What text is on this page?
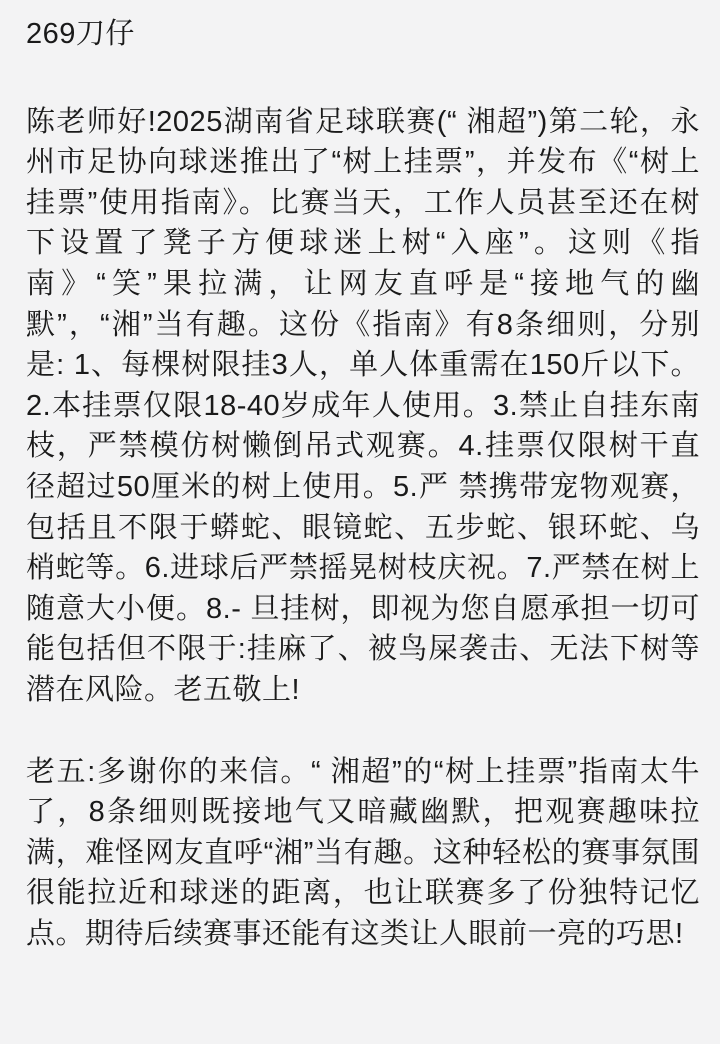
269刀仔

陈老师好!2025湖南省足球联赛(“ 湘超”)第二轮，永州市足协向球迷推出了“树上挂票”，并发布《“树上挂票”使用指南》。比赛当天，工作人员甚至还在树下设置了凳子方便球迷上树“入座”。这则《指南》“笑”果拉满，让网友直呼是“接地气的幽默”，“湘”当有趣。这份《指南》有8条细则，分别是: 1、每棵树限挂3人，单人体重需在150斤以下。2.本挂票仅限18-40岁成年人使用。3.禁止自挂东南枝，严禁模仿树懒倒吊式观赛。4.挂票仅限树干直径超过50厘米的树上使用。5.严 禁携带宠物观赛，包括且不限于蟒蛇、眼镜蛇、五步蛇、银环蛇、乌梢蛇等。6.进球后严禁摇晃树枝庆祝。7.严禁在树上随意大小便。8.- 旦挂树，即视为您自愿承担一切可能包括但不限于:挂麻了、被鸟屎袭击、无法下树等潜在风险。老五敬上!

老五:多谢你的来信。“ 湘超”的“树上挂票”指南太牛了，8条细则既接地气又暗藏幽默，把观赛趣味拉满，难怪网友直呼“湘”当有趣。这种轻松的赛事氛围很能拉近和球迷的距离，也让联赛多了份独特记忆点。期待后续赛事还能有这类让人眼前一亮的巧思!
